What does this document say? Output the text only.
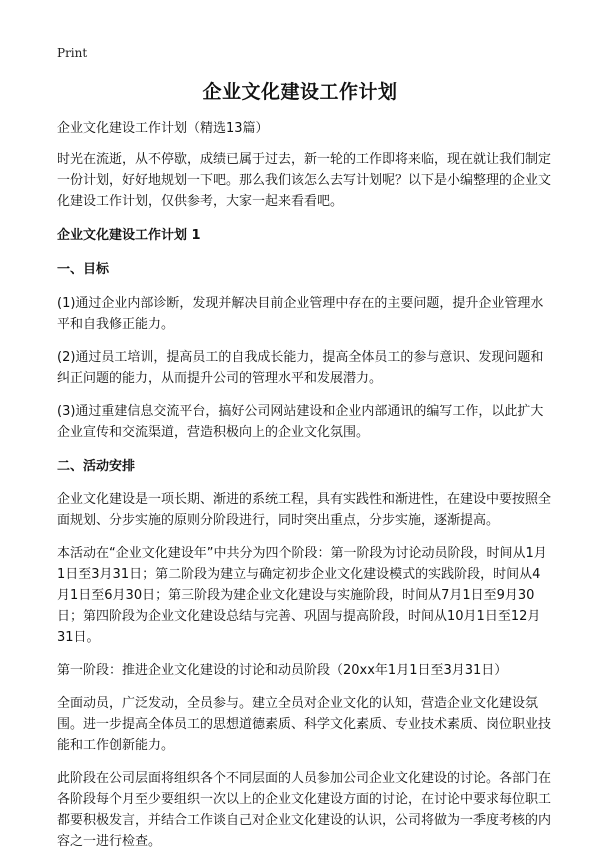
Print
企业文化建设工作计划

企业文化建设工作计划（精选13篇）

时光在流逝，从不停歇，成绩已属于过去，新一轮的工作即将来临，现在就让我们制定一份计划，好好地规划一下吧。那么我们该怎么去写计划呢？以下是小编整理的企业文化建设工作计划，仅供参考，大家一起来看看吧。

企业文化建设工作计划 1

一、目标

(1)通过企业内部诊断，发现并解决目前企业管理中存在的主要问题，提升企业管理水平和自我修正能力。

(2)通过员工培训，提高员工的自我成长能力，提高全体员工的参与意识、发现问题和纠正问题的能力，从而提升公司的管理水平和发展潜力。

(3)通过重建信息交流平台，搞好公司网站建设和企业内部通讯的编写工作，以此扩大企业宣传和交流渠道，营造积极向上的企业文化氛围。

二、活动安排

企业文化建设是一项长期、渐进的系统工程，具有实践性和渐进性，在建设中要按照全面规划、分步实施的原则分阶段进行，同时突出重点，分步实施，逐渐提高。

本活动在“企业文化建设年”中共分为四个阶段：第一阶段为讨论动员阶段，时间从1月1日至3月31日；第二阶段为建立与确定初步企业文化建设模式的实践阶段，时间从4月1日至6月30日；第三阶段为建企业文化建设与实施阶段，时间从7月1日至9月30日；第四阶段为企业文化建设总结与完善、巩固与提高阶段，时间从10月1日至12月31日。

第一阶段：推进企业文化建设的讨论和动员阶段（20xx年1月1日至3月31日）

全面动员，广泛发动，全员参与。建立全员对企业文化的认知，营造企业文化建设氛围。进一步提高全体员工的思想道德素质、科学文化素质、专业技术素质、岗位职业技能和工作创新能力。

此阶段在公司层面将组织各个不同层面的人员参加公司企业文化建设的讨论。各部门在各阶段每个月至少要组织一次以上的企业文化建设方面的讨论，在讨论中要求每位职工都要积极发言，并结合工作谈自己对企业文化建设的认识，公司将做为一季度考核的内容之一进行检查。
